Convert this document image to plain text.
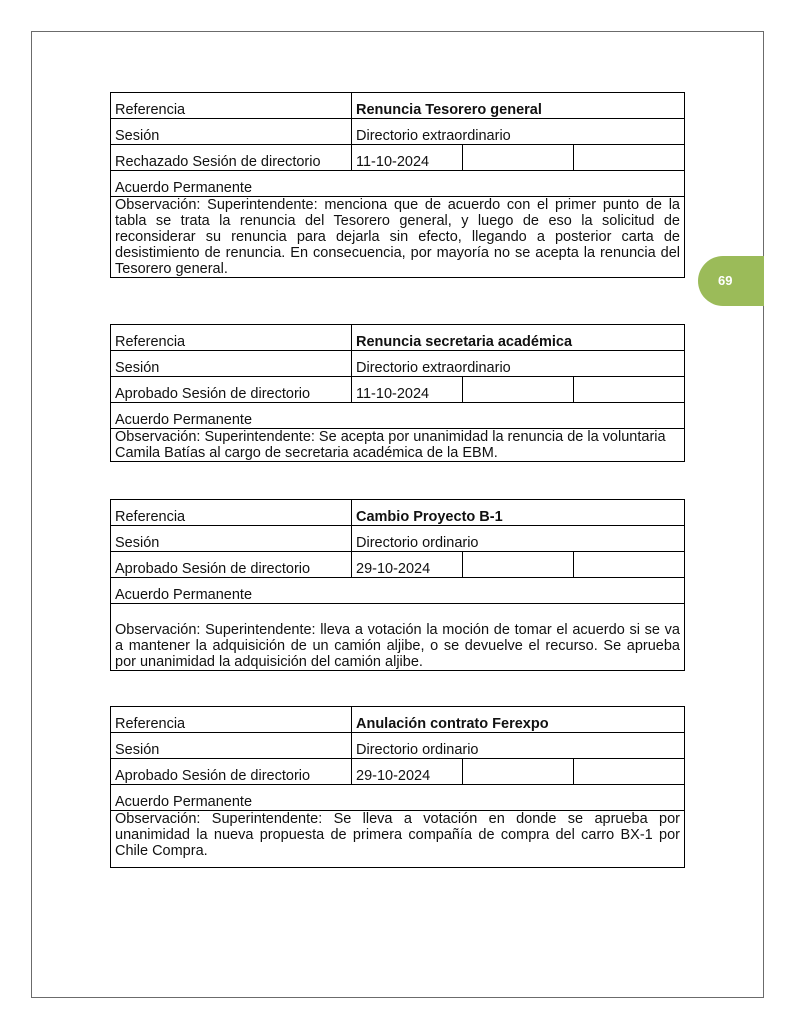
69
Referencia	Renuncia Tesorero general		
Sesión	Directorio extraordinario		
Rechazado Sesión de directorio	11-10-2024		
Acuerdo Permanente			
Observación: Superintendente: menciona que de acuerdo con el primer punto de la tabla se trata la renuncia del Tesorero general, y luego de eso la solicitud de reconsiderar su renuncia para dejarla sin efecto, llegando a posterior carta de desistimiento de renuncia. En consecuencia, por mayoría no se acepta la renuncia del Tesorero general.			
Referencia	Renuncia secretaria académica		
Sesión	Directorio extraordinario		
Aprobado Sesión de directorio	11-10-2024		
Acuerdo Permanente			
Observación: Superintendente: Se acepta por unanimidad la renuncia de la voluntaria Camila Batías al cargo de secretaria académica de la EBM.			
Referencia	Cambio Proyecto B-1		
Sesión	Directorio ordinario		
Aprobado Sesión de directorio	29-10-2024		
Acuerdo Permanente			
Observación: Superintendente: lleva a votación la moción de tomar el acuerdo si se va a mantener la adquisición de un camión aljibe, o se devuelve el recurso. Se aprueba por unanimidad la adquisición del camión aljibe.			
Referencia	Anulación contrato Ferexpo		
Sesión	Directorio ordinario		
Aprobado Sesión de directorio	29-10-2024		
Acuerdo Permanente			
Observación: Superintendente: Se lleva a votación en donde se aprueba por unanimidad la nueva propuesta de primera compañía de compra del carro BX-1 por Chile Compra.			
